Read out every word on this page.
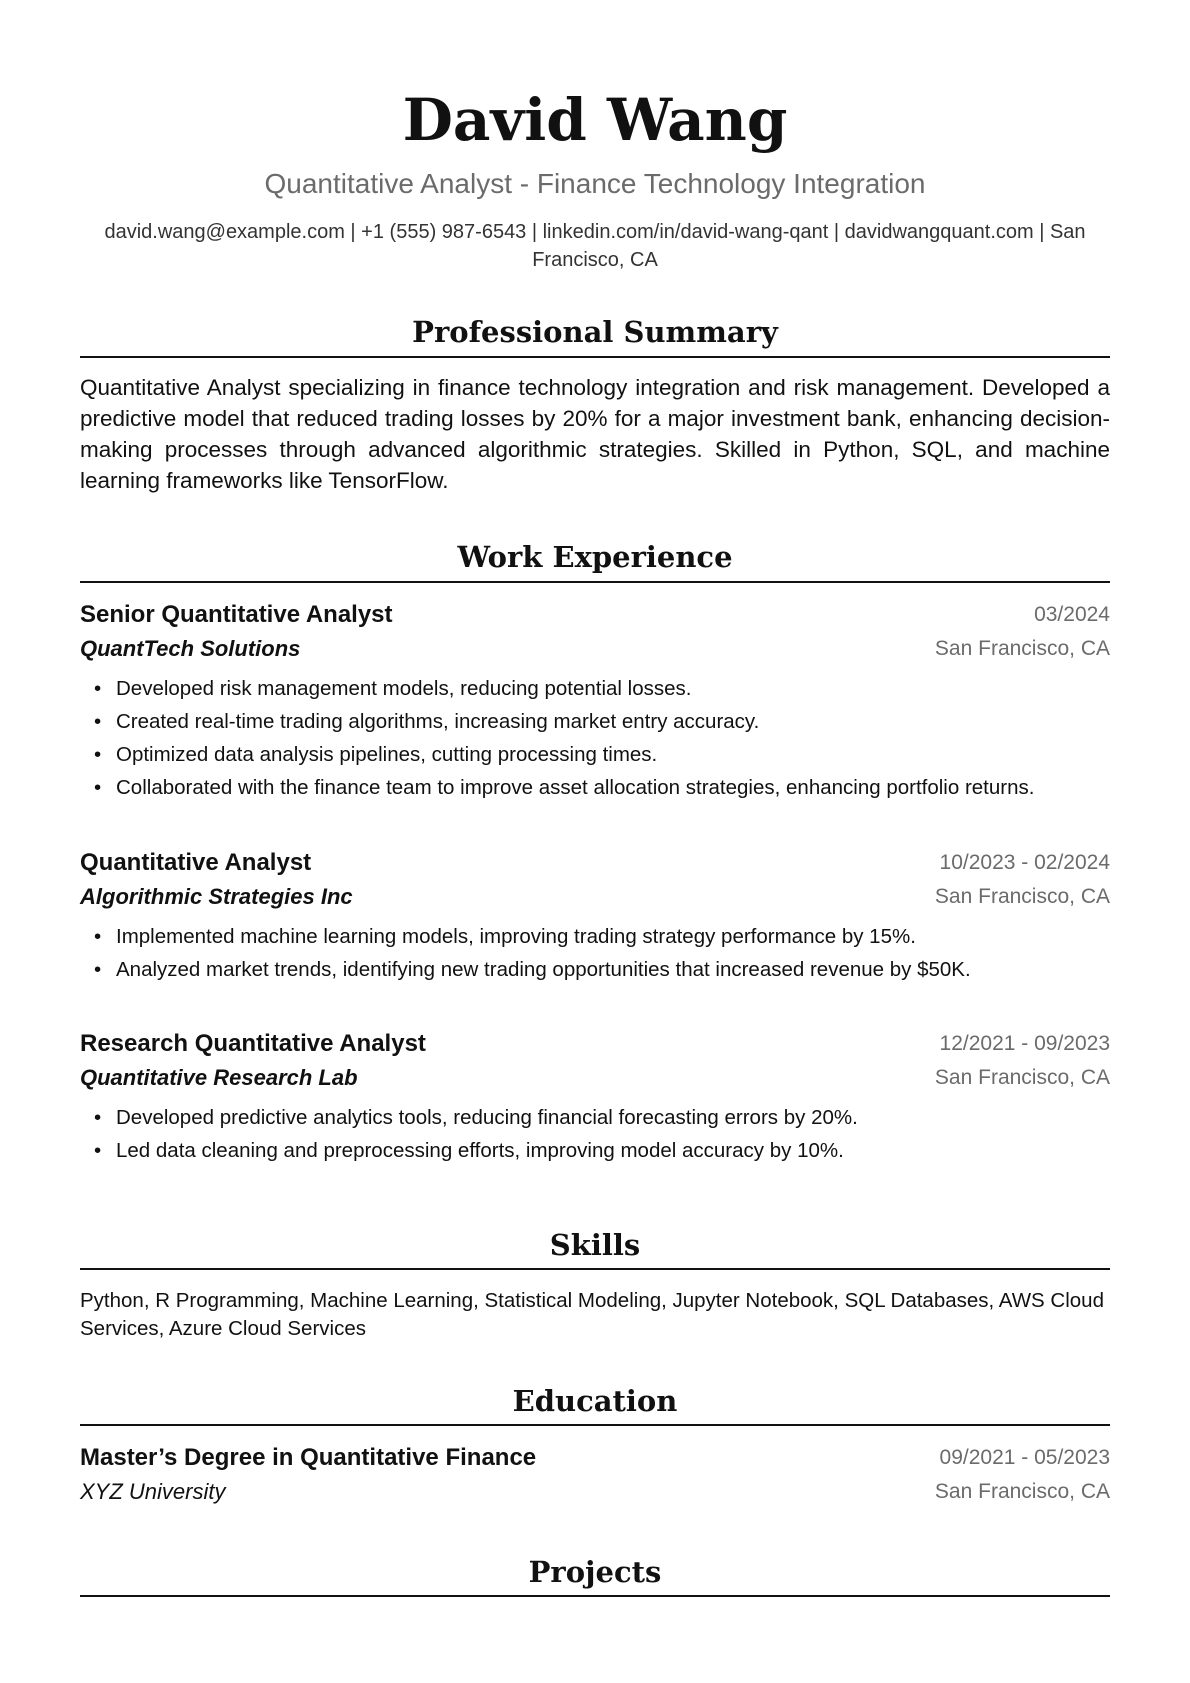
David Wang
Quantitative Analyst - Finance Technology Integration
david.wang@example.com | +1 (555) 987-6543 | linkedin.com/in/david-wang-qant | davidwangquant.com | San Francisco, CA
Professional Summary
Quantitative Analyst specializing in finance technology integration and risk management. Developed a predictive model that reduced trading losses by 20% for a major investment bank, enhancing decision-making processes through advanced algorithmic strategies. Skilled in Python, SQL, and machine learning frameworks like TensorFlow.
Work Experience
Senior Quantitative Analyst	03/2024
QuantTech Solutions	San Francisco, CA
• Developed risk management models, reducing potential losses.
• Created real-time trading algorithms, increasing market entry accuracy.
• Optimized data analysis pipelines, cutting processing times.
• Collaborated with the finance team to improve asset allocation strategies, enhancing portfolio returns.
Quantitative Analyst	10/2023 - 02/2024
Algorithmic Strategies Inc	San Francisco, CA
• Implemented machine learning models, improving trading strategy performance by 15%.
• Analyzed market trends, identifying new trading opportunities that increased revenue by $50K.
Research Quantitative Analyst	12/2021 - 09/2023
Quantitative Research Lab	San Francisco, CA
• Developed predictive analytics tools, reducing financial forecasting errors by 20%.
• Led data cleaning and preprocessing efforts, improving model accuracy by 10%.
Skills
Python, R Programming, Machine Learning, Statistical Modeling, Jupyter Notebook, SQL Databases, AWS Cloud Services, Azure Cloud Services
Education
Master’s Degree in Quantitative Finance	09/2021 - 05/2023
XYZ University	San Francisco, CA
Projects
